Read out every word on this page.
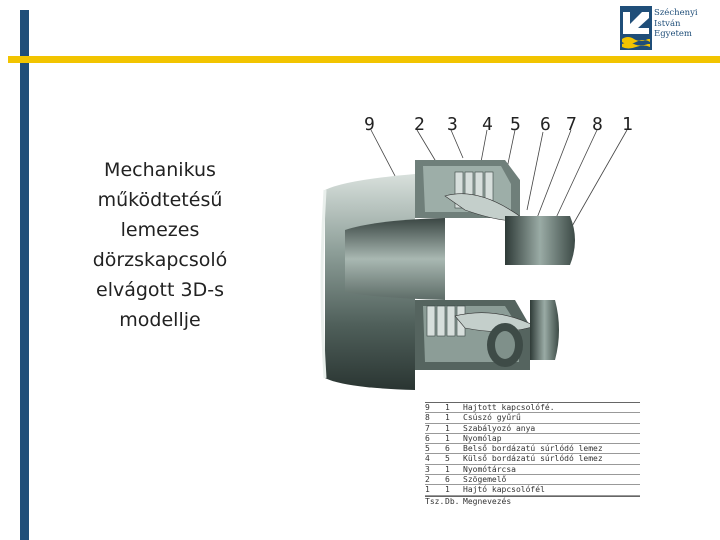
Széchenyi
István
Egyetem
Mechanikus
működtetésű
lemezes
dörzskapcsoló
elvágott 3D-s
modellje
9 2 3 4 5 6 7 8 1
9	1	Hajtott kapcsolófé.
8	1	Csúszó gyűrű
7	1	Szabályozó anya
6	1	Nyomólap
5	6	Belső bordázatú súrlódó lemez
4	5	Külső bordázatú súrlódó lemez
3	1	Nyomótárcsa
2	6	Szögemelő
1	1	Hajtó kapcsolófél
Tsz. Db. Megnevezés
